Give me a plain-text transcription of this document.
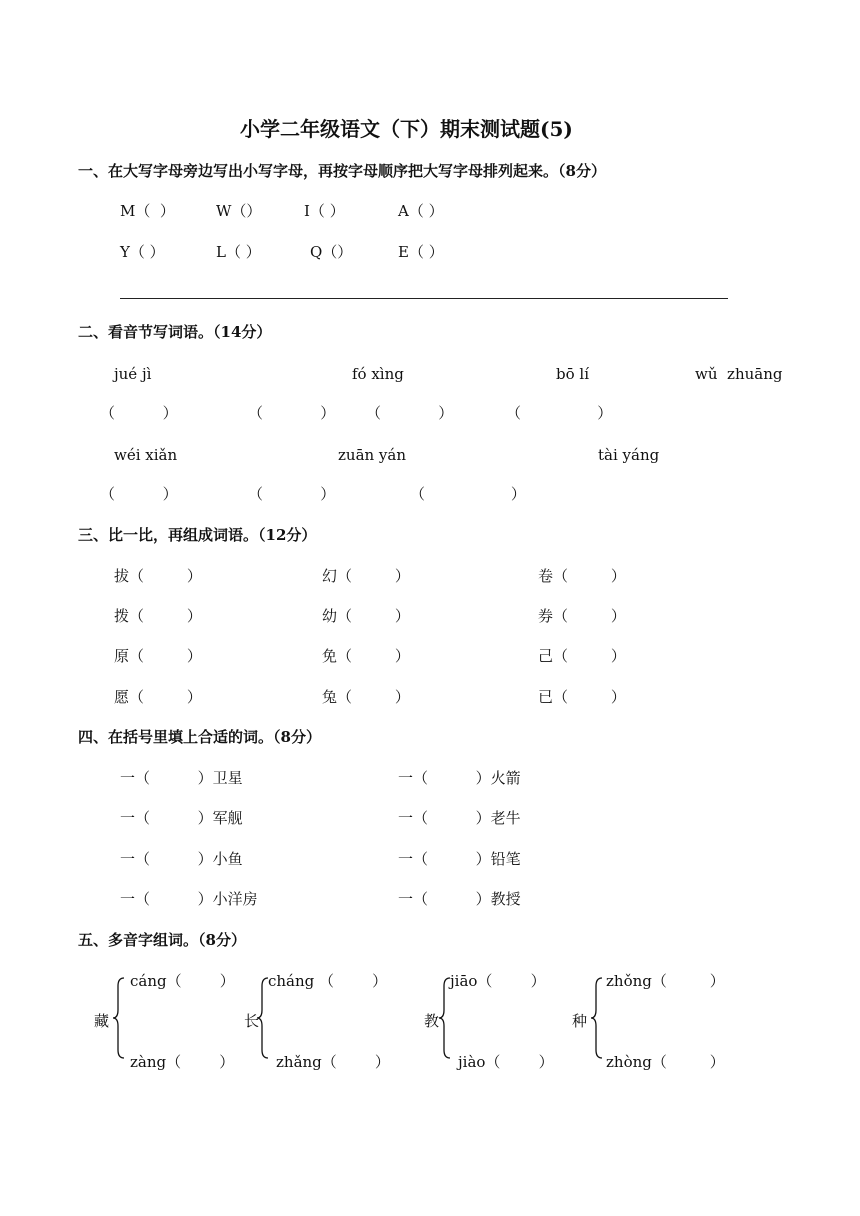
小学二年级语文（下）期末测试题(5)
一、在大写字母旁边写出小写字母，再按字母顺序把大写字母排列起来。（8分）
M（  ）	W（）	I（ ）	A（ ）
Y（ ）	L（ ）	Q（）	E（ ）
二、看音节写词语。（14分）
jué jì	fó xìng	bō lí	wǔ  zhuāng
（          ）	（            ） （            ）	（                ）
wéi xiǎn	zuān yán	tài yáng
（          ）	（            ）	（                  ）
三、比一比，再组成词语。（12分）
拔（         ）	幻（         ）	卷（         ）
拨（         ）	幼（         ）	券（         ）
原（         ）	免（         ）	己（         ）
愿（         ）	兔（         ）	已（         ）
四、在括号里填上合适的词。（8分）
一（          ）卫星	一（          ）火箭
一（          ）军舰	一（          ）老牛
一（          ）小鱼	一（          ）铅笔
一（          ）小洋房	一（          ）教授
五、多音字组词。（8分）
藏
cáng（        ）
zàng（        ）
长
cháng （        ）
zhǎng（        ）
教
jiāo（        ）
jiào（        ）
种
zhǒng（         ）
zhòng（         ）
